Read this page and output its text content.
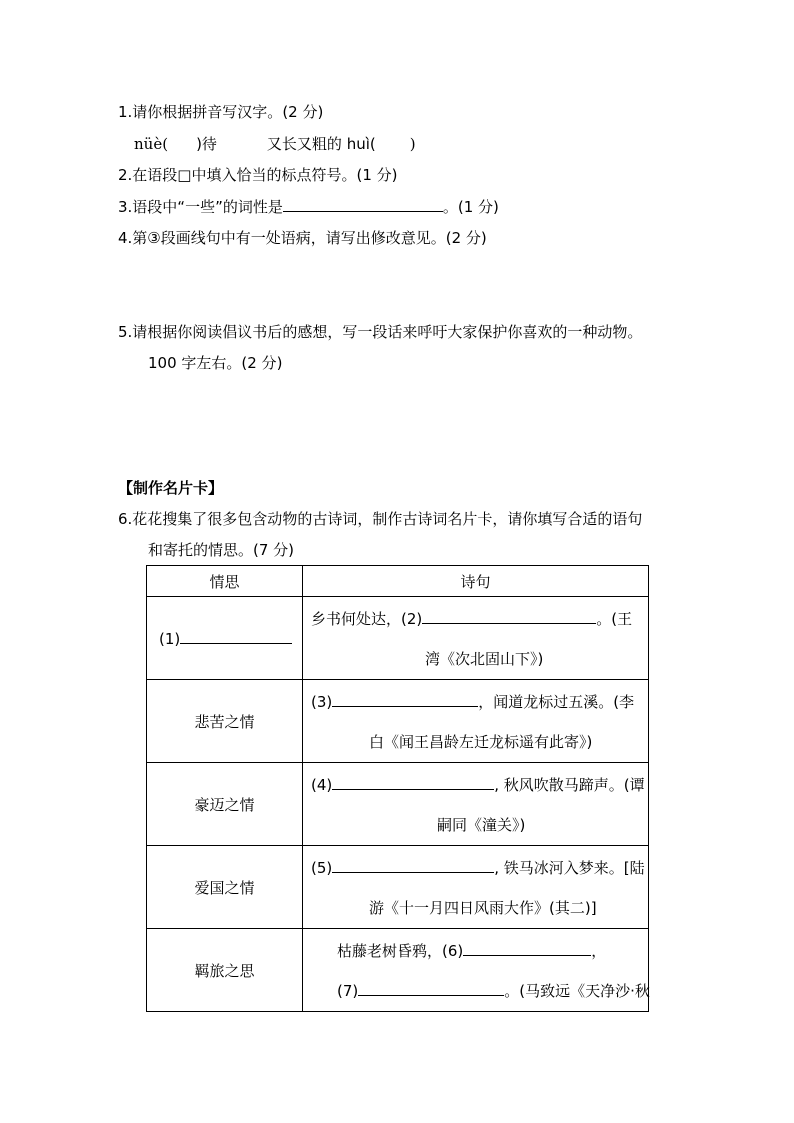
1.请你根据拼音写汉字。(2 分)
nüè( )待	又长又粗的 huì( )
2.在语段□中填入恰当的标点符号。(1 分)
3.语段中“一些”的词性是	。(1 分)
4.第③段画线句中有一处语病，请写出修改意见。(2 分)
5.请根据你阅读倡议书后的感想，写一段话来呼吁大家保护你喜欢的一种动物。
100 字左右。(2 分)
【制作名片卡】
6.花花搜集了很多包含动物的古诗词，制作古诗词名片卡，请你填写合适的语句
和寄托的情思。(7 分)
情思	诗句
(1)	乡书何处达，(2) 。(王
湾《次北固山下》)

悲苦之情	(3) ，闻道龙标过五溪。(李
白《闻王昌龄左迁龙标遥有此寄》)

豪迈之情	(4) , 秋风吹散马蹄声。(谭
嗣同《潼关》)

爱国之情	(5) , 铁马冰河入梦来。[陆
游《十一月四日风雨大作》(其二)]

羁旅之思	枯藤老树昏鸦，(6) ，
(7) 。(马致远《天净沙·秋
